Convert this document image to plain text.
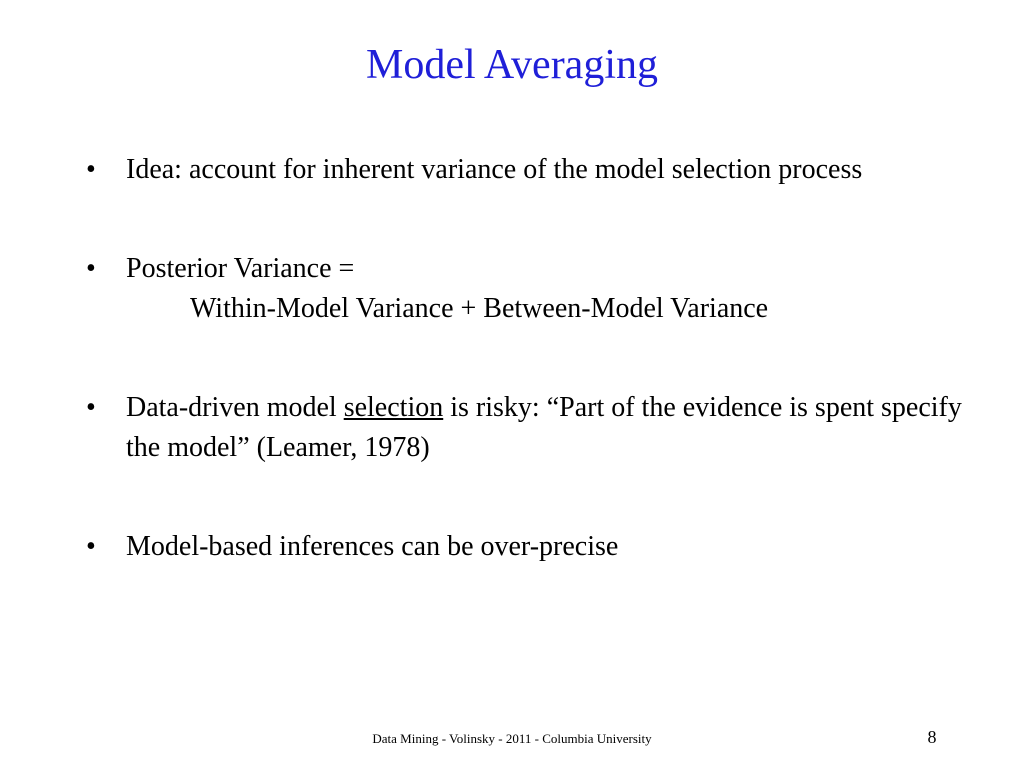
Model Averaging
•	Idea: account for inherent variance of the model selection process
•	Posterior Variance =
Within-Model Variance + Between-Model Variance
•	Data-driven model selection is risky: “Part of the evidence is spent specify the model” (Leamer, 1978)
•	Model-based inferences can be over-precise
Data Mining - Volinsky - 2011 - Columbia University	8
